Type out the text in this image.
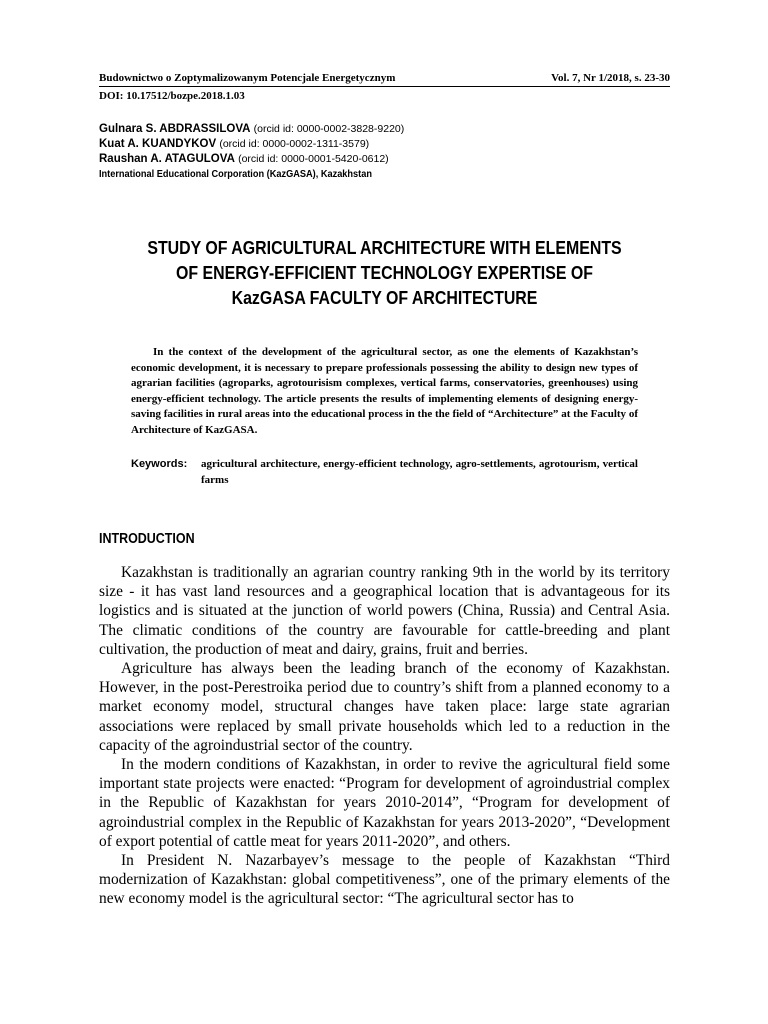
Budownictwo o Zoptymalizowanym Potencjale Energetycznym	Vol. 7, Nr 1/2018, s. 23-30
DOI: 10.17512/bozpe.2018.1.03
Gulnara S. ABDRASSILOVA (orcid id: 0000-0002-3828-9220)
Kuat A. KUANDYKOV (orcid id: 0000-0002-1311-3579)
Raushan A. ATAGULOVA (orcid id: 0000-0001-5420-0612)
International Educational Corporation (KazGASA), Kazakhstan
STUDY OF AGRICULTURAL ARCHITECTURE WITH ELEMENTS OF ENERGY-EFFICIENT TECHNOLOGY EXPERTISE OF KazGASA FACULTY OF ARCHITECTURE

In the context of the development of the agricultural sector, as one the elements of Kazakhstan’s economic development, it is necessary to prepare professionals possessing the ability to design new types of agrarian facilities (agroparks, agrotourisism complexes, vertical farms, conservatories, greenhouses) using energy-efficient technology. The article presents the results of implementing elements of designing energy-saving facilities in rural areas into the educational process in the the field of “Architecture” at the Faculty of Architecture of KazGASA.

Keywords:	agricultural architecture, energy-efficient technology, agro-settlements, agrotourism, vertical farms
INTRODUCTION

Kazakhstan is traditionally an agrarian country ranking 9th in the world by its territory size - it has vast land resources and a geographical location that is advantageous for its logistics and is situated at the junction of world powers (China, Russia) and Central Asia. The climatic conditions of the country are favourable for cattle-breeding and plant cultivation, the production of meat and dairy, grains, fruit and berries.

Agriculture has always been the leading branch of the economy of Kazakhstan. However, in the post-Perestroika period due to country’s shift from a planned economy to a market economy model, structural changes have taken place: large state agrarian associations were replaced by small private households which led to a reduction in the capacity of the agroindustrial sector of the country.

In the modern conditions of Kazakhstan, in order to revive the agricultural field some important state projects were enacted: “Program for development of agroindustrial complex in the Republic of Kazakhstan for years 2010-2014”, “Program for development of agroindustrial complex in the Republic of Kazakhstan for years 2013-2020”, “Development of export potential of cattle meat for years 2011-2020”, and others.

In President N. Nazarbayev’s message to the people of Kazakhstan “Third modernization of Kazakhstan: global competitiveness”, one of the primary elements of the new economy model is the agricultural sector: “The agricultural sector has to
